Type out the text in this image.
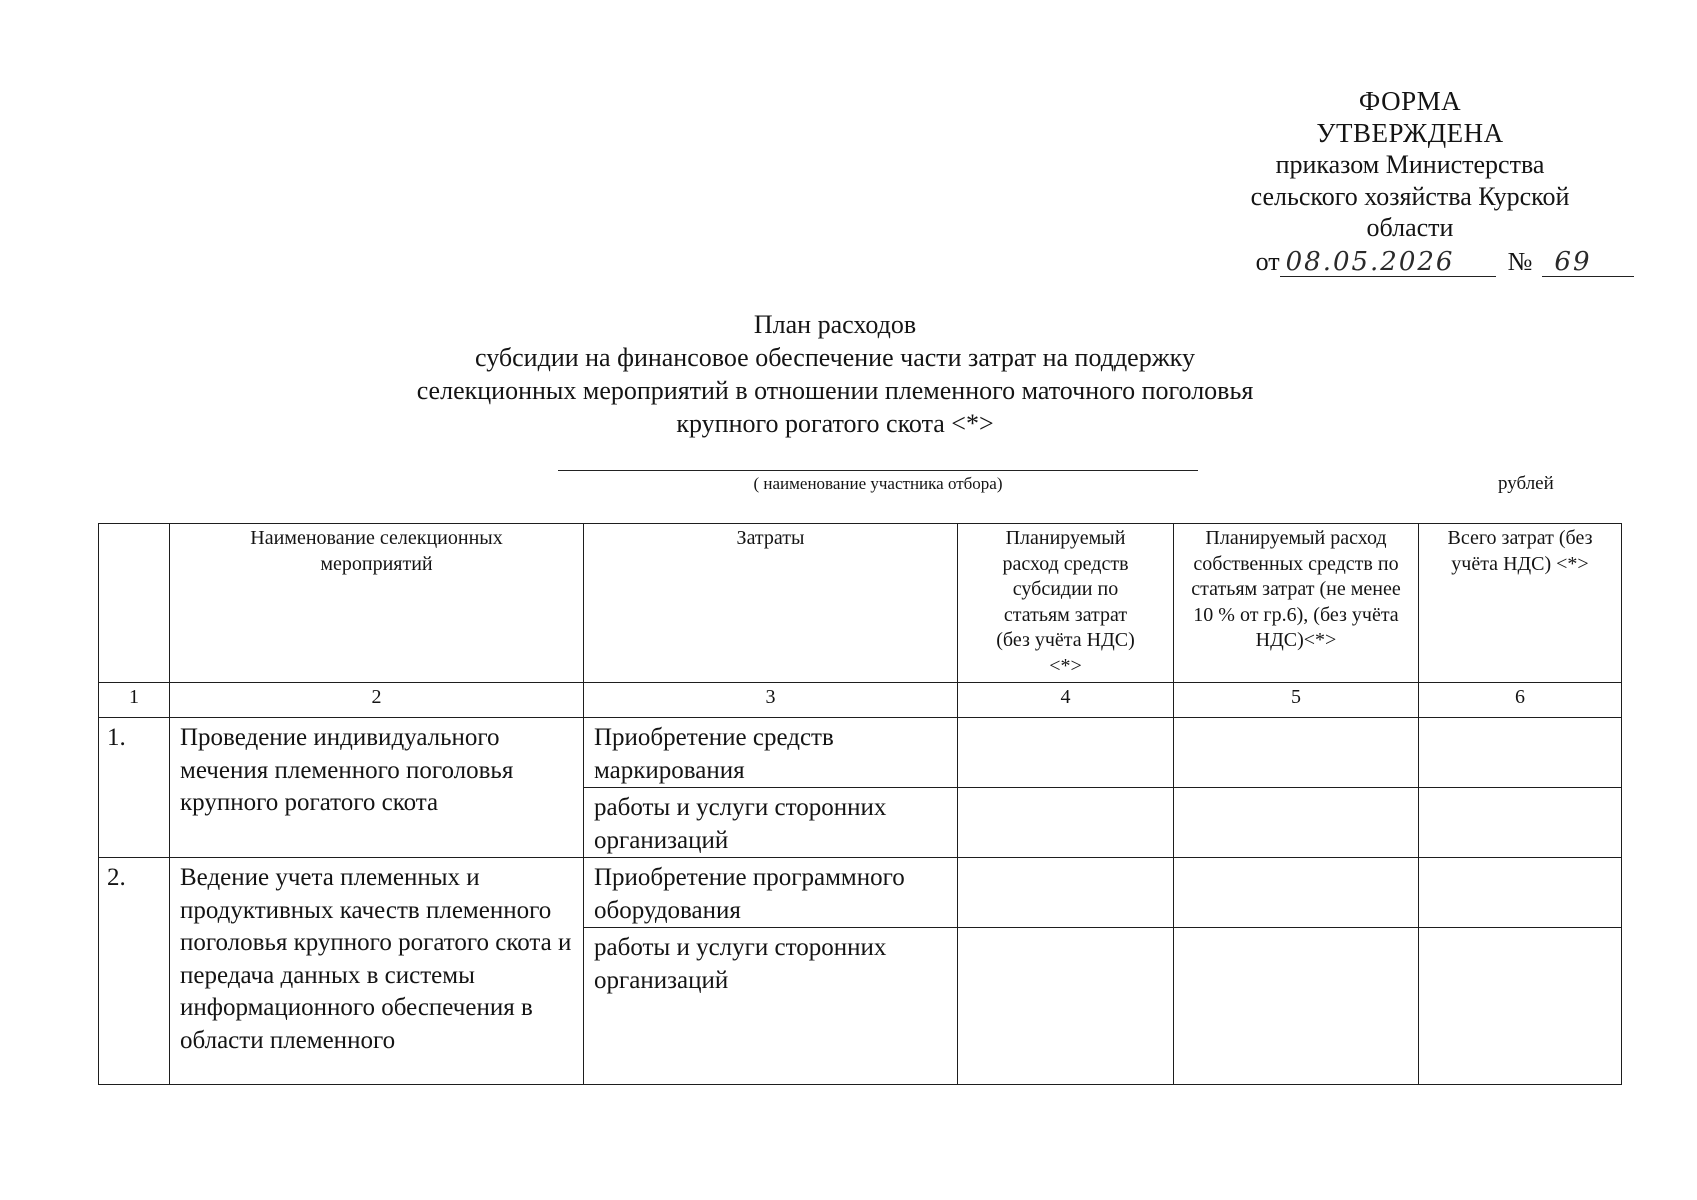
ФОРМА
УТВЕРЖДЕНА
приказом Министерства
сельского хозяйства Курской
области
от 08.05.2026	№ 69
План расходов
субсидии на финансовое обеспечение части затрат на поддержку
селекционных мероприятий в отношении племенного маточного поголовья
крупного рогатого скота <*>
( наименование участника отбора)	рублей
	Наименование селекционных мероприятий	Затраты	Планируемый расход средств субсидии по статьям затрат (без учёта НДС)<*>	Планируемый расход собственных средств по статьям затрат (не менее 10 % от гр.6), (без учёта НДС)<*>	Всего затрат (без учёта НДС) <*>
1	2	3	4	5	6
1.	Проведение индивидуального мечения племенного поголовья крупного рогатого скота	Приобретение средств маркирования			
		работы и услуги сторонних организаций			
2.	Ведение учета племенных и продуктивных качеств племенного поголовья крупного рогатого скота и передача данных в системы информационного обеспечения в области племенного	Приобретение программного оборудования			
		работы и услуги сторонних организаций			
